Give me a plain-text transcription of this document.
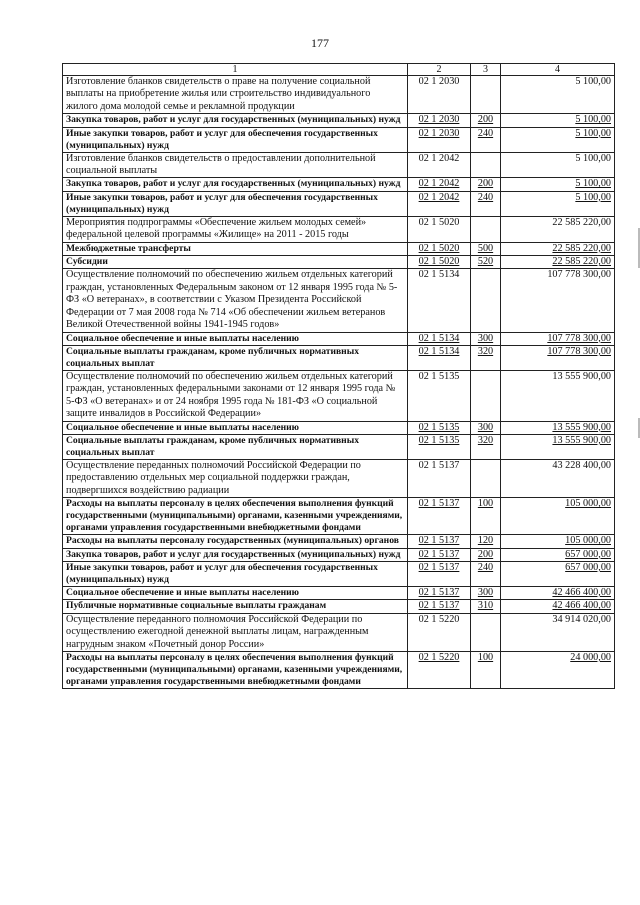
177
1	2	3	4
Изготовление бланков свидетельств о праве на получение социальной выплаты на приобретение жилья или строительство индивидуального жилого дома молодой семье и рекламной продукции	02 1 2030		5 100,00
Закупка товаров, работ и услуг для государственных (муниципальных) нужд	02 1 2030	200	5 100,00
Иные закупки товаров, работ и услуг для обеспечения государственных (муниципальных) нужд	02 1 2030	240	5 100,00
Изготовление бланков свидетельств о предоставлении дополнительной социальной выплаты	02 1 2042		5 100,00
Закупка товаров, работ и услуг для государственных (муниципальных) нужд	02 1 2042	200	5 100,00
Иные закупки товаров, работ и услуг для обеспечения государственных (муниципальных) нужд	02 1 2042	240	5 100,00
Мероприятия подпрограммы «Обеспечение жильем молодых семей» федеральной целевой программы «Жилище» на 2011 - 2015 годы	02 1 5020		22 585 220,00
Межбюджетные трансферты	02 1 5020	500	22 585 220,00
Субсидии	02 1 5020	520	22 585 220,00
Осуществление полномочий по обеспечению жильем отдельных категорий граждан, установленных Федеральным законом от 12 января 1995 года № 5-ФЗ «О ветеранах», в соответствии с Указом Президента Российской Федерации от 7 мая 2008 года № 714 «Об обеспечении жильем ветеранов Великой Отечественной войны 1941-1945 годов»	02 1 5134		107 778 300,00
Социальное обеспечение и иные выплаты населению	02 1 5134	300	107 778 300,00
Социальные выплаты гражданам, кроме публичных нормативных социальных выплат	02 1 5134	320	107 778 300,00
Осуществление полномочий по обеспечению жильем отдельных категорий граждан, установленных федеральными законами от 12 января 1995 года № 5-ФЗ «О ветеранах» и от 24 ноября 1995 года № 181-ФЗ «О социальной защите инвалидов в Российской Федерации»	02 1 5135		13 555 900,00
Социальное обеспечение и иные выплаты населению	02 1 5135	300	13 555 900,00
Социальные выплаты гражданам, кроме публичных нормативных социальных выплат	02 1 5135	320	13 555 900,00
Осуществление переданных полномочий Российской Федерации по предоставлению отдельных мер социальной поддержки граждан, подвергшихся воздействию радиации	02 1 5137		43 228 400,00
Расходы на выплаты персоналу в целях обеспечения выполнения функций государственными (муниципальными) органами, казенными учреждениями, органами управления государственными внебюджетными фондами	02 1 5137	100	105 000,00
Расходы на выплаты персоналу государственных (муниципальных) органов	02 1 5137	120	105 000,00
Закупка товаров, работ и услуг для государственных (муниципальных) нужд	02 1 5137	200	657 000,00
Иные закупки товаров, работ и услуг для обеспечения государственных (муниципальных) нужд	02 1 5137	240	657 000,00
Социальное обеспечение и иные выплаты населению	02 1 5137	300	42 466 400,00
Публичные нормативные социальные выплаты гражданам	02 1 5137	310	42 466 400,00
Осуществление переданного полномочия Российской Федерации по осуществлению ежегодной денежной выплаты лицам, награжденным нагрудным знаком «Почетный донор России»	02 1 5220		34 914 020,00
Расходы на выплаты персоналу в целях обеспечения выполнения функций государственными (муниципальными) органами, казенными учреждениями, органами управления государственными внебюджетными фондами	02 1 5220	100	24 000,00
